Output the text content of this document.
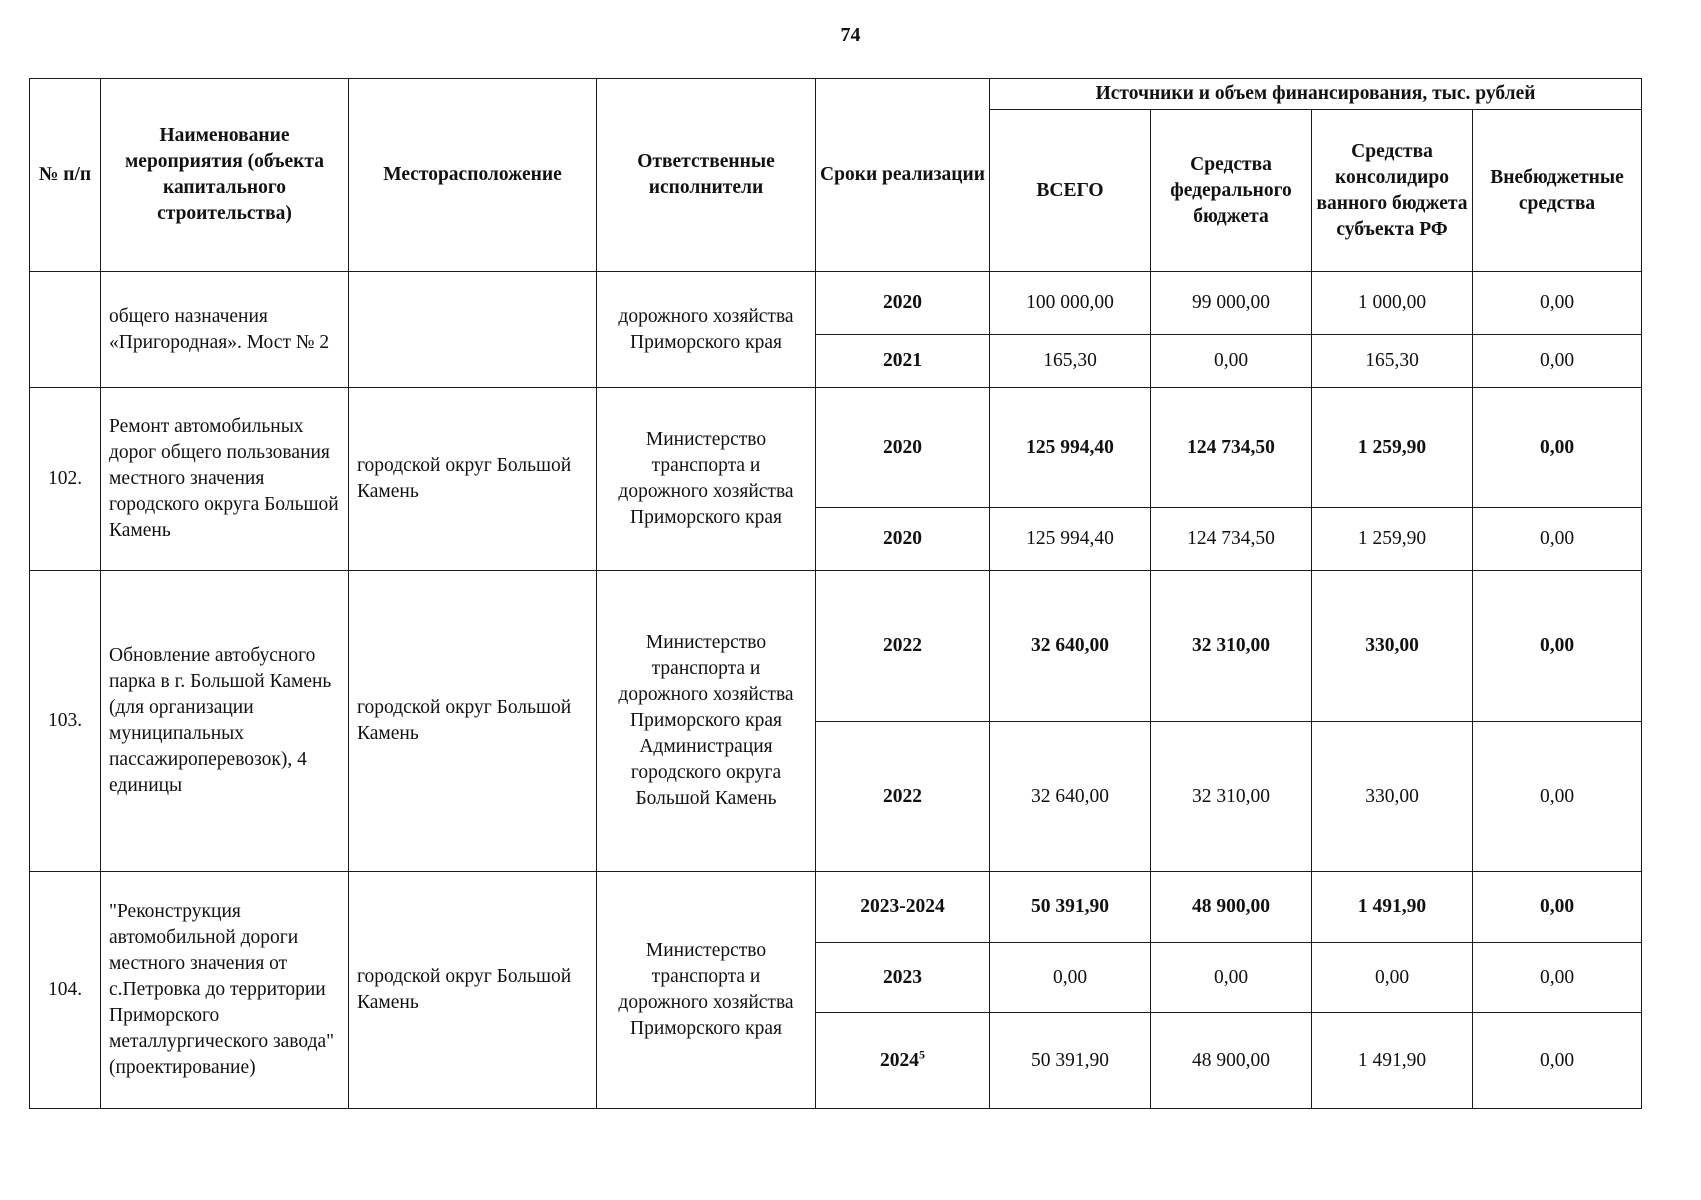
74
№ п/п	Наименование мероприятия (объекта капитального строительства)	Месторасположение	Ответственные исполнители	Сроки реализации	Источники и объем финансирования, тыс. рублей			
					ВСЕГО	Средства федерального бюджета	Средства консолидиро ванного бюджета субъекта РФ	Внебюджетные средства
	общего назначения «Пригородная». Мост № 2		дорожного хозяйства Приморского края	2020	100 000,00	99 000,00	1 000,00	0,00
				2021	165,30	0,00	165,30	0,00
102.	Ремонт автомобильных дорог общего пользования местного значения городского округа Большой Камень	городской округ Большой Камень	Министерство транспорта и дорожного хозяйства Приморского края	2020	125 994,40	124 734,50	1 259,90	0,00
				2020	125 994,40	124 734,50	1 259,90	0,00
103.	Обновление автобусного парка в г. Большой Камень (для организации муниципальных пассажироперевозок), 4 единицы	городской округ Большой Камень	Министерство транспорта и дорожного хозяйства Приморского края Администрация городского округа Большой Камень	2022	32 640,00	32 310,00	330,00	0,00
				2022	32 640,00	32 310,00	330,00	0,00
104.	"Реконструкция автомобильной дороги местного значения от с.Петровка до территории Приморского металлургического завода" (проектирование)	городской округ Большой Камень	Министерство транспорта и дорожного хозяйства Приморского края	2023-2024	50 391,90	48 900,00	1 491,90	0,00
				2023	0,00	0,00	0,00	0,00
				2024$^5$	50 391,90	48 900,00	1 491,90	0,00
